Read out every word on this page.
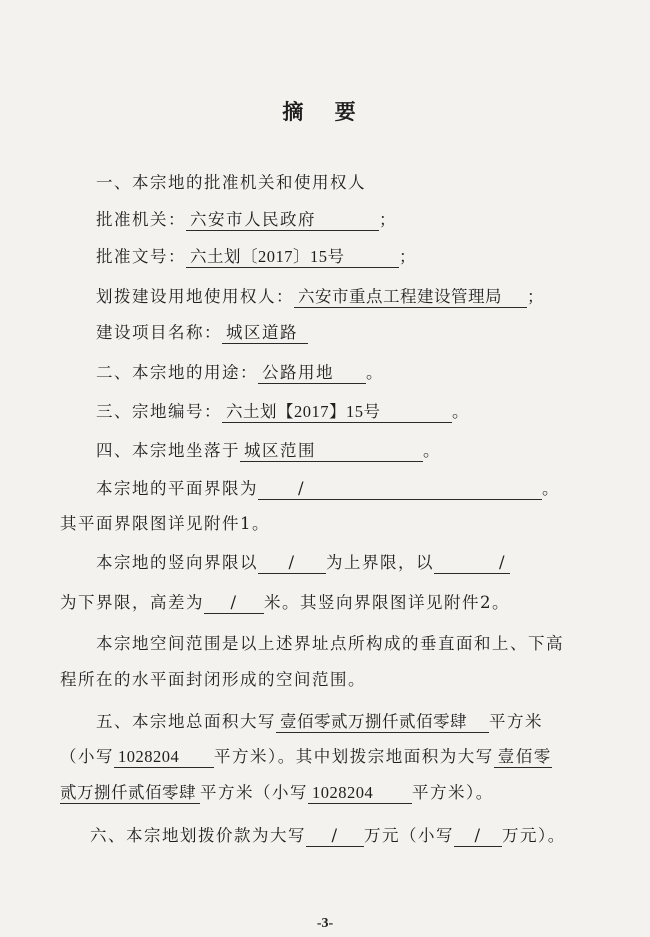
摘 要
一、本宗地的批准机关和使用权人
批准机关： 六安市人民政府	；
批准文号： 六土划〔2017〕15号	；
划拨建设用地使用权人： 六安市重点工程建设管理局 ；
建设项目名称： 城区道路
二、本宗地的用途： 公路用地 。
三、宗地编号： 六土划【2017】15号	。
四、本宗地坐落于 城区范围	。
本宗地的平面界限为 /	。
其平面界限图详见附件1。
本宗地的竖向界限以 / 为上界限，以	/
为下界限，高差为 / 米。其竖向界限图详见附件2。
本宗地空间范围是以上述界址点所构成的垂直面和上、下高
程所在的水平面封闭形成的空间范围。
五、本宗地总面积大写 壹佰零贰万捌仟贰佰零肆 平方米
（小写 1028204 平方米）。其中划拨宗地面积为大写 壹佰零
贰万捌仟贰佰零肆 平方米（小写 1028204 平方米）。
六、本宗地划拨价款为大写 / 万元（小写 / 万元）。
-3-
